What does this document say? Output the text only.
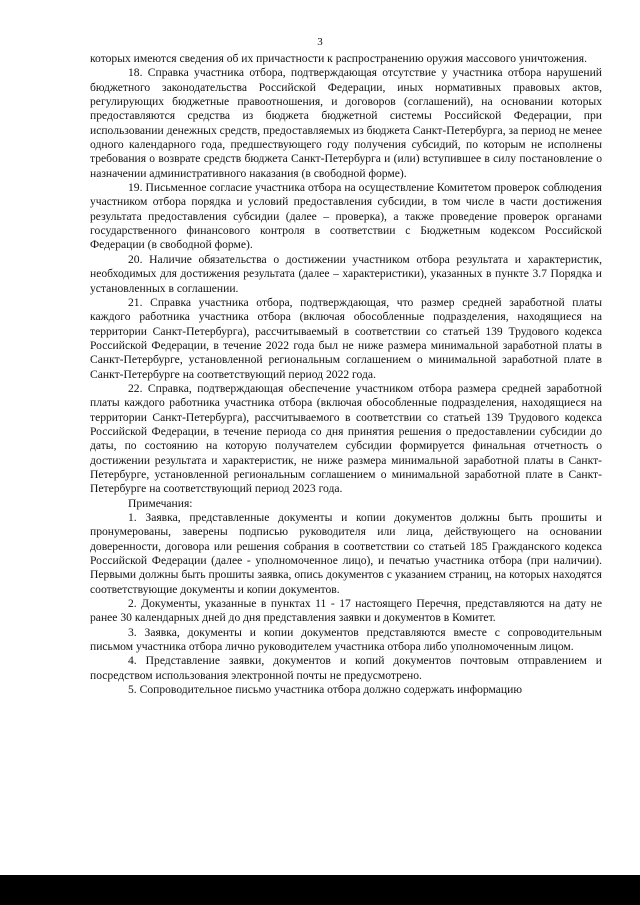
3

которых имеются сведения об их причастности к распространению оружия массового уничтожения.

18. Справка участника отбора, подтверждающая отсутствие у участника отбора нарушений бюджетного законодательства Российской Федерации, иных нормативных правовых актов, регулирующих бюджетные правоотношения, и договоров (соглашений), на основании которых предоставляются средства из бюджета бюджетной системы Российской Федерации, при использовании денежных средств, предоставляемых из бюджета Санкт-Петербурга, за период не менее одного календарного года, предшествующего году получения субсидий, по которым не исполнены требования о возврате средств бюджета Санкт-Петербурга и (или) вступившее в силу постановление о назначении административного наказания (в свободной форме).

19. Письменное согласие участника отбора на осуществление Комитетом проверок соблюдения участником отбора порядка и условий предоставления субсидии, в том числе в части достижения результата предоставления субсидии (далее – проверка), а также проведение проверок органами государственного финансового контроля в соответствии с Бюджетным кодексом Российской Федерации (в свободной форме).

20. Наличие обязательства о достижении участником отбора результата и характеристик, необходимых для достижения результата (далее – характеристики), указанных в пункте 3.7 Порядка и установленных в соглашении.

21. Справка участника отбора, подтверждающая, что размер средней заработной платы каждого работника участника отбора (включая обособленные подразделения, находящиеся на территории Санкт-Петербурга), рассчитываемый в соответствии со статьей 139 Трудового кодекса Российской Федерации, в течение 2022 года был не ниже размера минимальной заработной платы в Санкт-Петербурге, установленной региональным соглашением о минимальной заработной плате в Санкт-Петербурге на соответствующий период 2022 года.

22. Справка, подтверждающая обеспечение участником отбора размера средней заработной платы каждого работника участника отбора (включая обособленные подразделения, находящиеся на территории Санкт-Петербурга), рассчитываемого в соответствии со статьей 139 Трудового кодекса Российской Федерации, в течение периода со дня принятия решения о предоставлении субсидии до даты, по состоянию на которую получателем субсидии формируется финальная отчетность о достижении результата и характеристик, не ниже размера минимальной заработной платы в Санкт-Петербурге, установленной региональным соглашением о минимальной заработной плате в Санкт-Петербурге на соответствующий период 2023 года.

Примечания:

1. Заявка, представленные документы и копии документов должны быть прошиты и пронумерованы, заверены подписью руководителя или лица, действующего на основании доверенности, договора или решения собрания в соответствии со статьей 185 Гражданского кодекса Российской Федерации (далее - уполномоченное лицо), и печатью участника отбора (при наличии). Первыми должны быть прошиты заявка, опись документов с указанием страниц, на которых находятся соответствующие документы и копии документов.

2. Документы, указанные в пунктах 11 - 17 настоящего Перечня, представляются на дату не ранее 30 календарных дней до дня представления заявки и документов в Комитет.

3. Заявка, документы и копии документов представляются вместе с сопроводительным письмом участника отбора лично руководителем участника отбора либо уполномоченным лицом.

4. Представление заявки, документов и копий документов почтовым отправлением и посредством использования электронной почты не предусмотрено.

5. Сопроводительное письмо участника отбора должно содержать информацию
